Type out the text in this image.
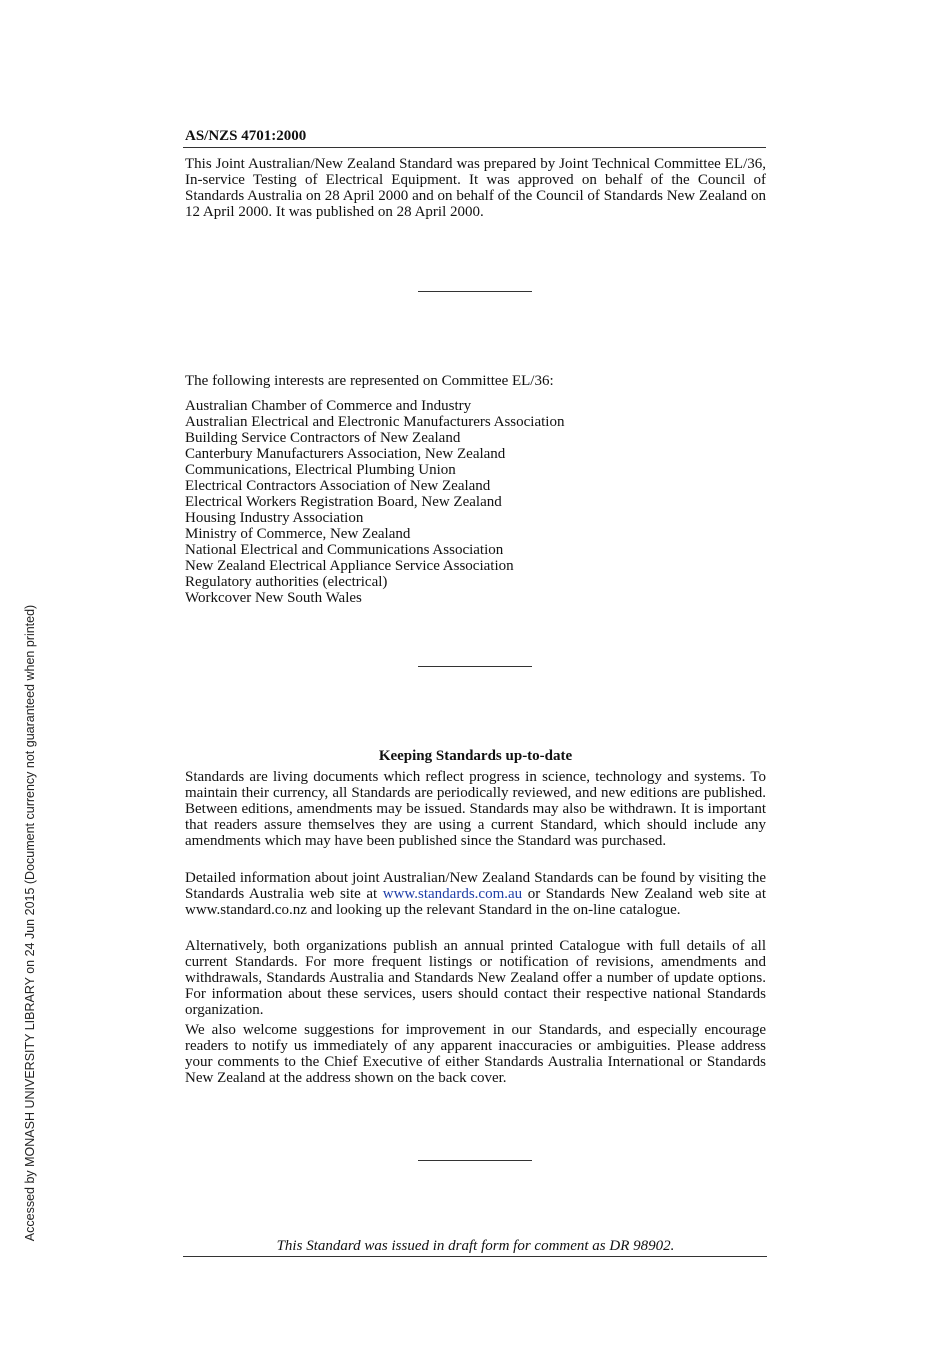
Accessed by MONASH UNIVERSITY LIBRARY on 24 Jun 2015 (Document currency not guaranteed when printed)
AS/NZS 4701:2000

This Joint Australian/New Zealand Standard was prepared by Joint Technical Committee EL/36, In-service Testing of Electrical Equipment. It was approved on behalf of the Council of Standards Australia on 28 April 2000 and on behalf of the Council of Standards New Zealand on 12 April 2000. It was published on 28 April 2000.

The following interests are represented on Committee EL/36:

Australian Chamber of Commerce and Industry
Australian Electrical and Electronic Manufacturers Association
Building Service Contractors of New Zealand
Canterbury Manufacturers Association, New Zealand
Communications, Electrical Plumbing Union
Electrical Contractors Association of New Zealand
Electrical Workers Registration Board, New Zealand
Housing Industry Association
Ministry of Commerce, New Zealand
National Electrical and Communications Association
New Zealand Electrical Appliance Service Association
Regulatory authorities (electrical)
Workcover New South Wales
Keeping Standards up-to-date

Standards are living documents which reflect progress in science, technology and systems. To maintain their currency, all Standards are periodically reviewed, and new editions are published. Between editions, amendments may be issued. Standards may also be withdrawn. It is important that readers assure themselves they are using a current Standard, which should include any amendments which may have been published since the Standard was purchased.

Detailed information about joint Australian/New Zealand Standards can be found by visiting the Standards Australia web site at www.standards.com.au or Standards New Zealand web site at www.standard.co.nz and looking up the relevant Standard in the on-line catalogue.

Alternatively, both organizations publish an annual printed Catalogue with full details of all current Standards. For more frequent listings or notification of revisions, amendments and withdrawals, Standards Australia and Standards New Zealand offer a number of update options. For information about these services, users should contact their respective national Standards organization.

We also welcome suggestions for improvement in our Standards, and especially encourage readers to notify us immediately of any apparent inaccuracies or ambiguities. Please address your comments to the Chief Executive of either Standards Australia International or Standards New Zealand at the address shown on the back cover.

This Standard was issued in draft form for comment as DR 98902.
